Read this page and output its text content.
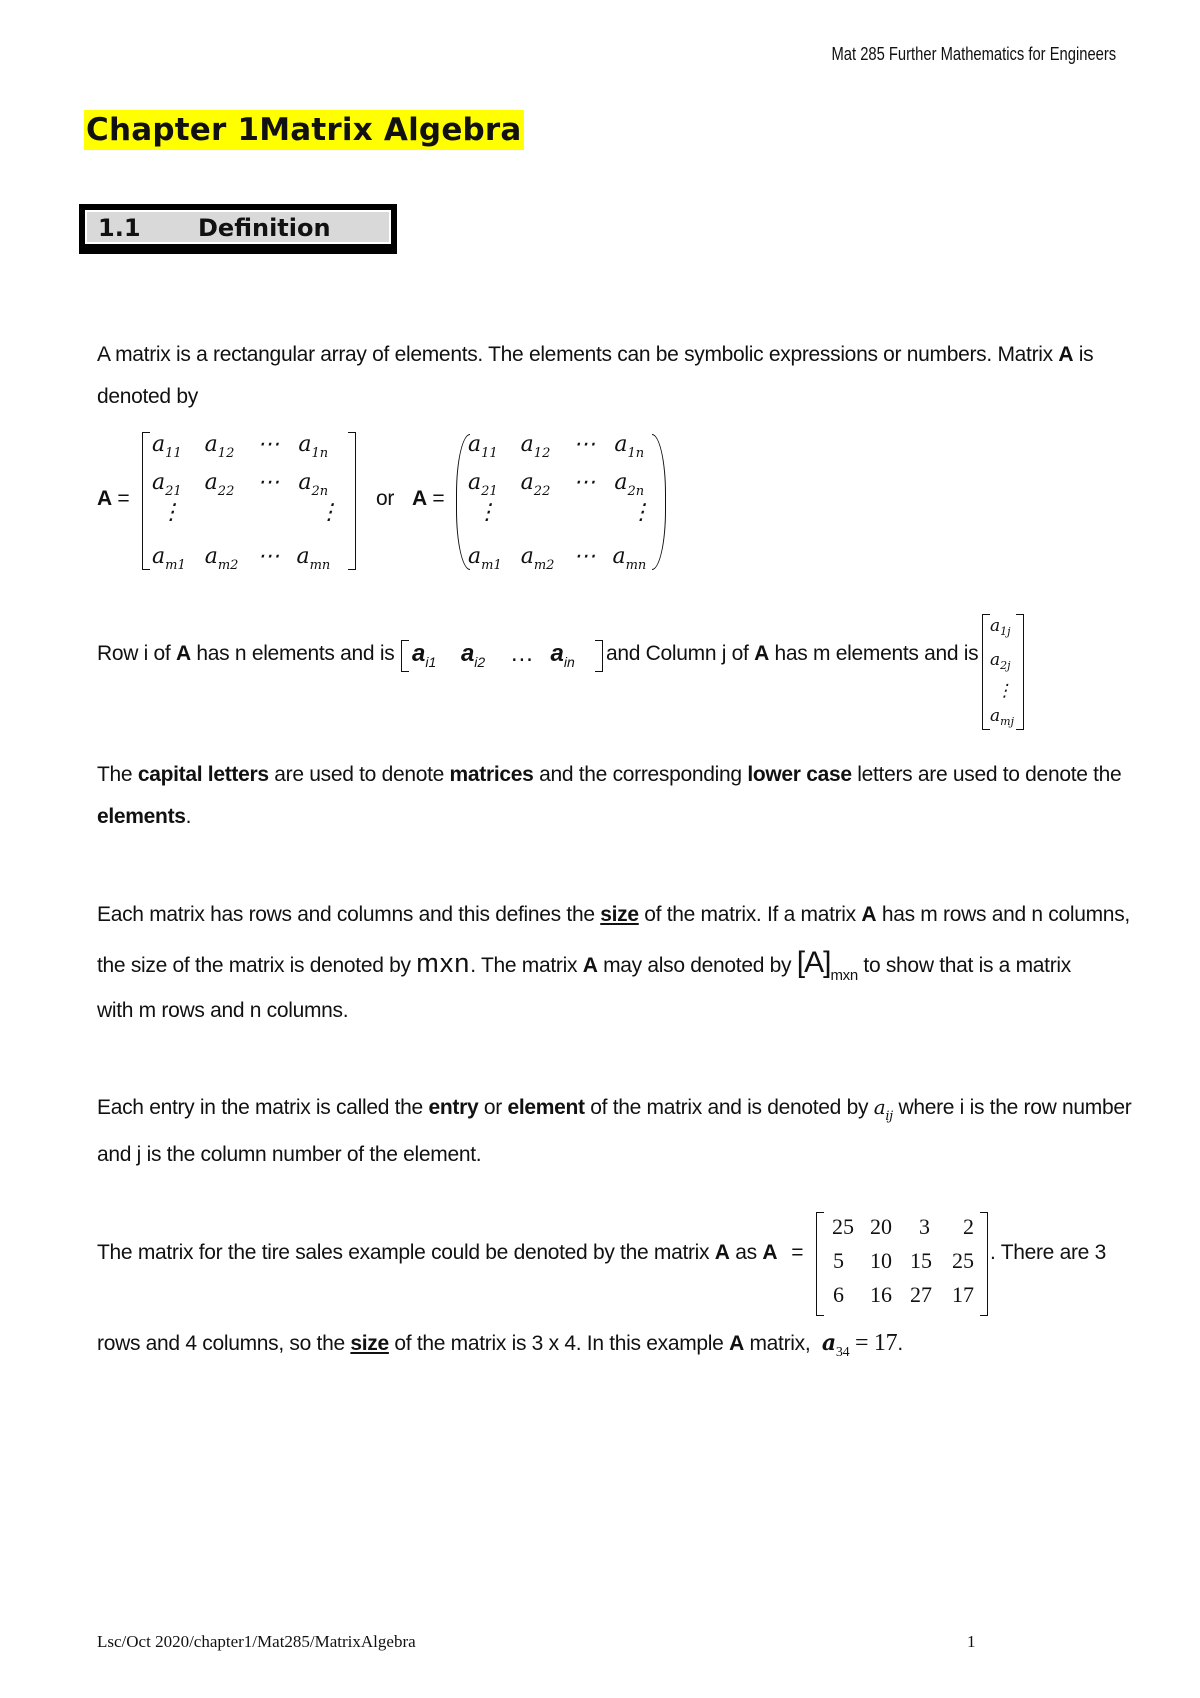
Mat 285 Further Mathematics for Engineers
Chapter 1Matrix Algebra
1.1 Definition
A matrix is a rectangular array of elements. The elements can be symbolic expressions or numbers. Matrix A is
denoted by
A =
$a_{11}$ $a_{12}$ ⋯ $a_{1n}$
$a_{21}$ $a_{22}$ ⋯ $a_{2n}$
⋮	⋮
$a_{m1}$ $a_{m2}$ ⋯ $a_{mn}$
or A =
$a_{11}$ $a_{12}$ ⋯ $a_{1n}$
$a_{21}$ $a_{22}$ ⋯ $a_{2n}$
⋮	⋮
$a_{m1}$ $a_{m2}$ ⋯ $a_{mn}$
Row i of A has n elements and is $a_{i1}$ $a_{i2}$ … $a_{in}$ and Column j of A has m elements and is
$a_{1j}$
$a_{2j}$
⋮
$a_{mj}$
The capital letters are used to denote matrices and the corresponding lower case letters are used to denote the
elements.
Each matrix has rows and columns and this defines the size of the matrix. If a matrix A has m rows and n columns,
the size of the matrix is denoted by mxn. The matrix A may also denoted by $[A]_{mxn}$ to show that is a matrix
with m rows and n columns.
Each entry in the matrix is called the entry or element of the matrix and is denoted by $a_{ij}$ where i is the row number
and j is the column number of the element.
The matrix for the tire sales example could be denoted by the matrix A as A =
25 20	3	2
5	10 15 25
6	16 27 17
. There are 3
rows and 4 columns, so the size of the matrix is 3 x 4. In this example A matrix, $a_{34} = 17$.
Lsc/Oct 2020/chapter1/Mat285/MatrixAlgebra	1
